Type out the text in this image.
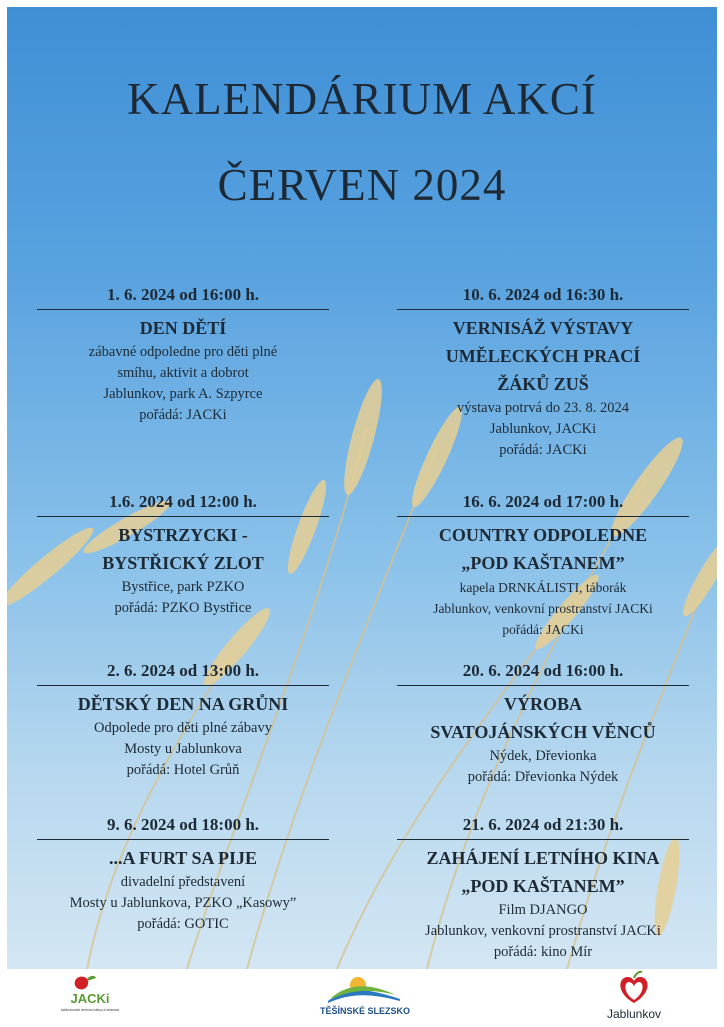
KALENDÁRIUM AKCÍ
ČERVEN 2024
1. 6. 2024 od 16:00 h.
DEN DĚTÍ
zábavné odpoledne pro děti plné
smíhu, aktivit a dobrot
Jablunkov, park A. Szpyrce
pořádá: JACKi
1.6. 2024 od 12:00 h.
BYSTRZYCKI -
BYSTŘICKÝ ZLOT
Bystřice, park PZKO
pořádá: PZKO Bystřice
2. 6. 2024 od 13:00 h.
DĚTSKÝ DEN NA GRŮNI
Odpolede pro děti plné zábavy
Mosty u Jablunkova
pořádá: Hotel Grůň
9. 6. 2024 od 18:00 h.
...A FURT SA PIJE
divadelní představení
Mosty u Jablunkova, PZKO „Kasowy”
pořádá: GOTIC
10. 6. 2024 od 16:30 h.
VERNISÁŽ VÝSTAVY
UMĚLECKÝCH PRACÍ
ŽÁKŮ ZUŠ
výstava potrvá do 23. 8. 2024
Jablunkov, JACKi
pořádá: JACKi
16. 6. 2024 od 17:00 h.
COUNTRY ODPOLEDNE
„POD KAŠTANEM”
kapela DRNKÁLISTI, táborák
Jablunkov, venkovní prostranství JACKi
pořádá: JACKi
20. 6. 2024 od 16:00 h.
VÝROBA
SVATOJÁNSKÝCH VĚNCŮ
Nýdek, Dřevionka
pořádá: Dřevionka Nýdek
21. 6. 2024 od 21:30 h.
ZAHÁJENÍ LETNÍHO KINA
„POD KAŠTANEM”
Film DJANGO
Jablunkov, venkovní prostranství JACKi
pořádá: kino Mír
JACKi
Jablunkovské centrum kultury a informací	TĚŠÍNSKÉ SLEZSKO	Jablunkov
